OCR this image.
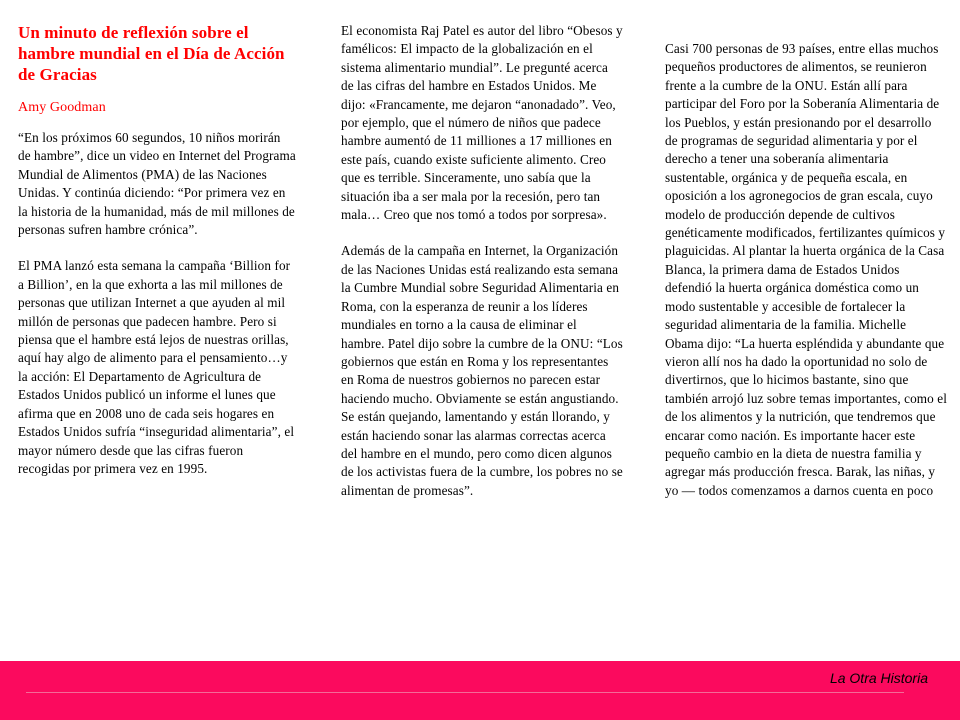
Un minuto de reflexión sobre el hambre mundial en el Día de Acción de Gracias
Amy Goodman

“En los próximos 60 segundos, 10 niños morirán de hambre”, dice un video en Internet del Programa Mundial de Alimentos (PMA) de las Naciones Unidas. Y continúa diciendo: “Por primera vez en la historia de la humanidad, más de mil millones de personas sufren hambre crónica”.

El PMA lanzó esta semana la campaña ‘Billion for a Billion’, en la que exhorta a las mil millones de personas que utilizan Internet a que ayuden al mil millón de personas que padecen hambre. Pero si piensa que el hambre está lejos de nuestras orillas, aquí hay algo de alimento para el pensamiento…y la acción: El Departamento de Agricultura de Estados Unidos publicó un informe el lunes que afirma que en 2008 uno de cada seis hogares en Estados Unidos sufría “inseguridad alimentaria”, el mayor número desde que las cifras fueron recogidas por primera vez en 1995.

El economista Raj Patel es autor del libro “Obesos y famélicos: El impacto de la globalización en el sistema alimentario mundial”. Le pregunté acerca de las cifras del hambre en Estados Unidos. Me dijo: «Francamente, me dejaron “anonadado”. Veo, por ejemplo, que el número de niños que padece hambre aumentó de 11 milliones a 17 milliones en este país, cuando existe suficiente alimento. Creo que es terrible. Sinceramente, uno sabía que la situación iba a ser mala por la recesión, pero tan mala… Creo que nos tomó a todos por sorpresa».

Además de la campaña en Internet, la Organización de las Naciones Unidas está realizando esta semana la Cumbre Mundial sobre Seguridad Alimentaria en Roma, con la esperanza de reunir a los líderes mundiales en torno a la causa de eliminar el hambre. Patel dijo sobre la cumbre de la ONU: “Los gobiernos que están en Roma y los representantes en Roma de nuestros gobiernos no parecen estar haciendo mucho. Obviamente se están angustiando. Se están quejando, lamentando y están llorando, y están haciendo sonar las alarmas correctas acerca del hambre en el mundo, pero como dicen algunos de los activistas fuera de la cumbre, los pobres no se alimentan de promesas”.

Casi 700 personas de 93 países, entre ellas muchos pequeños productores de alimentos, se reunieron frente a la cumbre de la ONU. Están allí para participar del Foro por la Soberanía Alimentaria de los Pueblos, y están presionando por el desarrollo de programas de seguridad alimentaria y por el derecho a tener una soberanía alimentaria sustentable, orgánica y de pequeña escala, en oposición a los agronegocios de gran escala, cuyo modelo de producción depende de cultivos genéticamente modificados, fertilizantes químicos y plaguicidas. Al plantar la huerta orgánica de la Casa Blanca, la primera dama de Estados Unidos defendió la huerta orgánica doméstica como un modo sustentable y accesible de fortalecer la seguridad alimentaria de la familia. Michelle Obama dijo: “La huerta espléndida y abundante que vieron allí nos ha dado la oportunidad no solo de divertirnos, que lo hicimos bastante, sino que también arrojó luz sobre temas importantes, como el de los alimentos y la nutrición, que tendremos que encarar como nación. Es importante hacer este pequeño cambio en la dieta de nuestra familia y agregar más producción fresca. Barak, las niñas, y yo — todos comenzamos a darnos cuenta en poco

La Otra Historia
